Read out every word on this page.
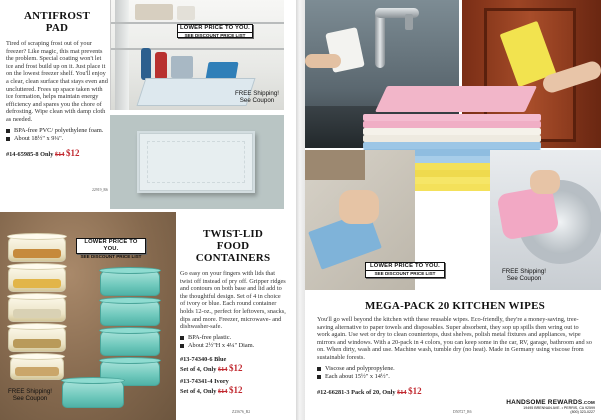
ANTIFROST
PAD

Tired of scraping frost out of your freezer? Like magic, this mat prevents the problem. Special coating won't let ice and frost build up on it. Just place it on the lowest freezer shelf. You'll enjoy a clear, clean surface that stays even and uncluttered. Frees up space taken with ice formation, helps maintain energy efficiency and spares you the chore of defrosting. Wipe clean with damp cloth as needed.

BPA-free PVC/ polyethylene foam.
About 18½" x 9¼".
#14-65985-8 Only $14 $12
22919_R6
LOWER PRICE TO YOU.
SEE DISCOUNT PRICE LIST
FREE Shipping!
See Coupon
LOWER PRICE TO YOU.
SEE DISCOUNT PRICE LIST
FREE Shipping!
See Coupon
TWIST-LID
FOOD
CONTAINERS

Go easy on your fingers with lids that twist off instead of pry off. Gripper ridges and contours on both base and lid add to the thoughtful design. Set of 4 in choice of ivory or blue. Each round container holds 12-oz., perfect for leftovers, snacks, dips and more. Freezer, microwave- and dishwasher-safe.

BPA-free plastic.
About 2½"H x 4¼" Diam.
#13-74340-6 Blue
Set of 4, Only $14 $12
#13-74341-4 Ivory
Set of 4, Only $14 $12
Z25676_R2
LOWER PRICE TO YOU.
SEE DISCOUNT PRICE LIST	FREE Shipping!
See Coupon
MEGA-PACK 20 KITCHEN WIPES

You'll go well beyond the kitchen with these reusable wipes. Eco-friendly, they're a money-saving, tree-saving alternative to paper towels and disposables. Super absorbent, they sop up spills then wring out to work again. Use wet or dry to clean countertops, dust shelves, polish metal fixtures and appliances, wipe mirrors and windows. With a 20-pack in 4 colors, you can keep some in the car, RV, garage, bathroom and so on. When dirty, wash and use. Machine wash, tumble dry (no heat). Made in Germany using viscose from sustainable forests.

Viscose and polypropylene.
Each about 15½" x 14½".
#12-66281-3 Pack of 20, Only $14 $12
D50727_R6
HANDSOME REWARDS.COM
19495 BRENNAN AVE. • PERRIS, CA 92599
(800) 323-0227
